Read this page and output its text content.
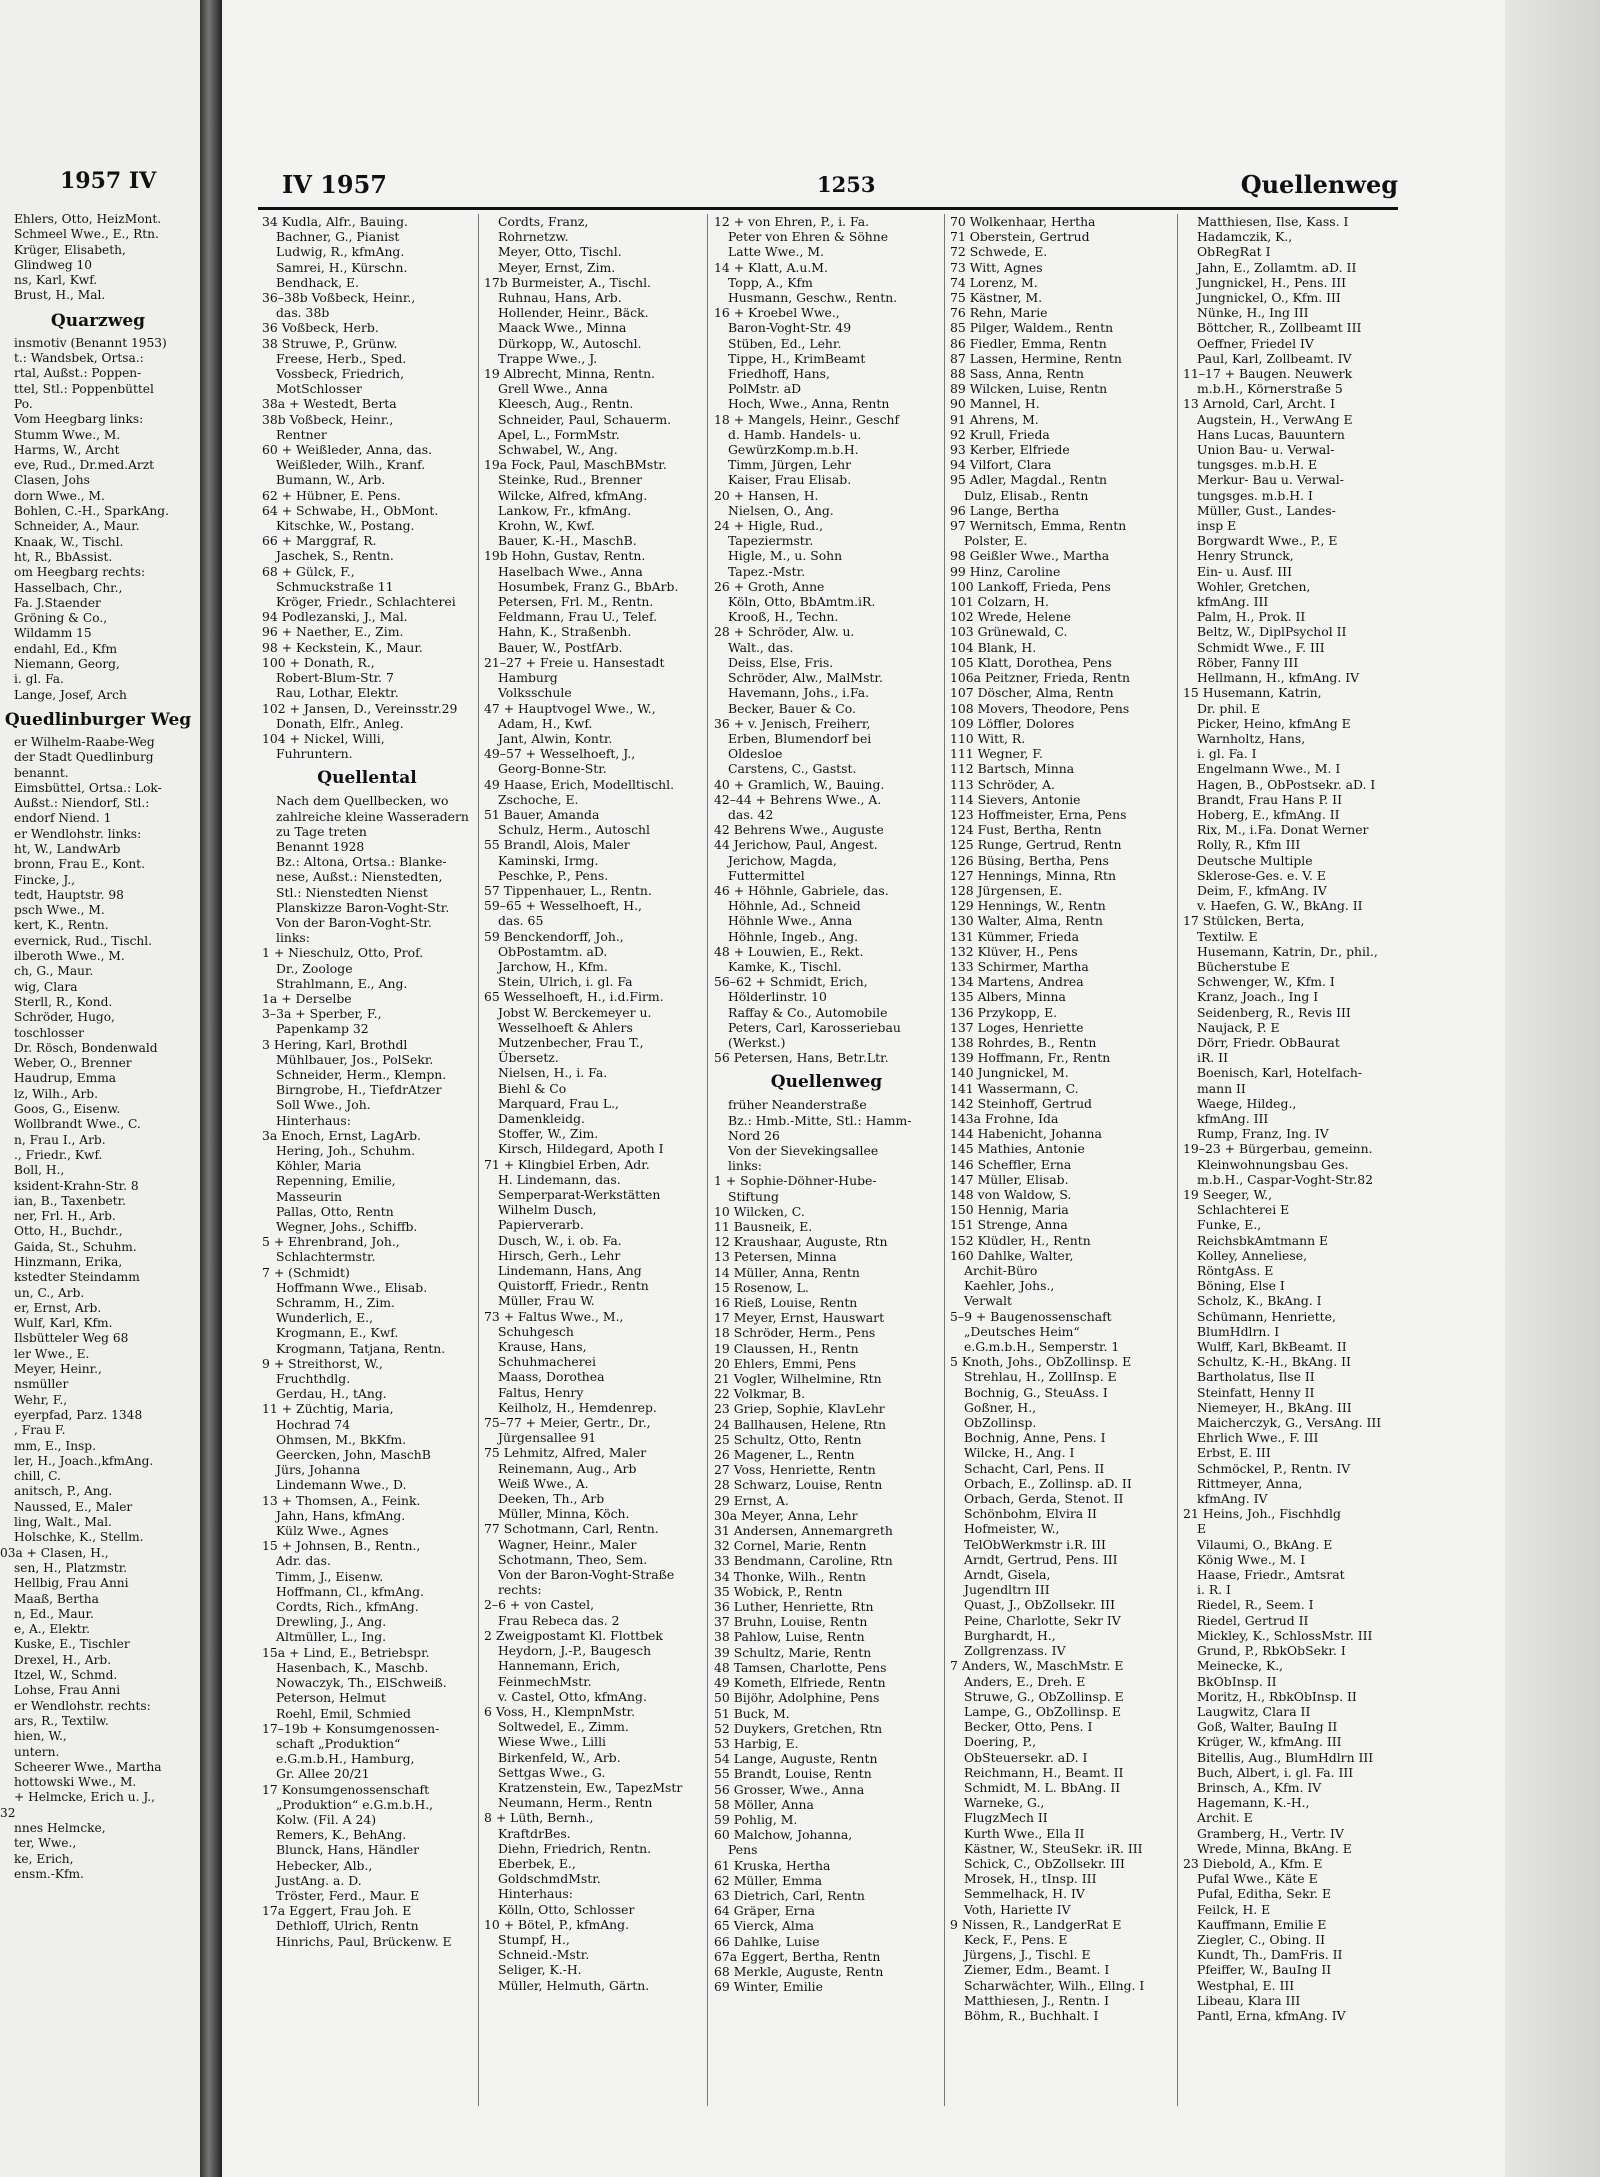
1957 IV
Ehlers, Otto, HeizMont.
Schmeel Wwe., E., Rtn.
Krüger, Elisabeth,
Glindweg 10
ns, Karl, Kwf.
Brust, H., Mal.
Quarzweg
insmotiv (Benannt 1953)
t.: Wandsbek, Ortsa.:
rtal, Außst.: Poppen-
ttel, Stl.: Poppenbüttel
Po.
Vom Heegbarg links:
Stumm Wwe., M.
Harms, W., Archt
eve, Rud., Dr.med.Arzt
Clasen, Johs
dorn Wwe., M.
Bohlen, C.-H., SparkAng.
Schneider, A., Maur.
Knaak, W., Tischl.
ht, R., BbAssist.
om Heegbarg rechts:
Hasselbach, Chr.,
Fa. J.Staender
Gröning & Co.,
Wildamm 15
endahl, Ed., Kfm
Niemann, Georg,
i. gl. Fa.
Lange, Josef, Arch
Quedlinburger Weg
er Wilhelm-Raabe-Weg
der Stadt Quedlinburg
benannt.
Eimsbüttel, Ortsa.: Lok-
Außst.: Niendorf, Stl.:
endorf Niend. 1
er Wendlohstr. links:
ht, W., LandwArb
bronn, Frau E., Kont.
Fincke, J.,
tedt, Hauptstr. 98
psch Wwe., M.
kert, K., Rentn.
evernick, Rud., Tischl.
ilberoth Wwe., M.
ch, G., Maur.
wig, Clara
Sterll, R., Kond.
Schröder, Hugo,
toschlosser
Dr. Rösch, Bondenwald
Weber, O., Brenner
Haudrup, Emma
lz, Wilh., Arb.
Goos, G., Eisenw.
Wollbrandt Wwe., C.
n, Frau I., Arb.
., Friedr., Kwf.
Boll, H.,
ksident-Krahn-Str. 8
ian, B., Taxenbetr.
ner, Frl. H., Arb.
Otto, H., Buchdr.,
Gaida, St., Schuhm.
Hinzmann, Erika,
kstedter Steindamm
un, C., Arb.
er, Ernst, Arb.
Wulf, Karl, Kfm.
Ilsbütteler Weg 68
ler Wwe., E.
Meyer, Heinr.,
nsmüller
Wehr, F.,
eyerpfad, Parz. 1348
, Frau F.
mm, E., Insp.
ler, H., Joach.,kfmAng.
chill, C.
anitsch, P., Ang.
Naussed, E., Maler
ling, Walt., Mal.
Holschke, K., Stellm.
03a + Clasen, H.,
sen, H., Platzmstr.
Hellbig, Frau Anni
Maaß, Bertha
n, Ed., Maur.
e, A., Elektr.
Kuske, E., Tischler
Drexel, H., Arb.
Itzel, W., Schmd.
Lohse, Frau Anni
er Wendlohstr. rechts:
ars, R., Textilw.
hien, W.,
untern.
Scheerer Wwe., Martha
hottowski Wwe., M.
+ Helmcke, Erich u. J.,
32
nnes Helmcke,
ter, Wwe.,
ke, Erich,
ensm.-Kfm.
IV 1957	1253	Quellenweg
34 Kudla, Alfr., Bauing.
Bachner, G., Pianist
Ludwig, R., kfmAng.
Samrei, H., Kürschn.
Bendhack, E.
36–38b Voßbeck, Heinr.,
das. 38b
36 Voßbeck, Herb.
38 Struwe, P., Grünw.
Freese, Herb., Sped.
Vossbeck, Friedrich,
MotSchlosser
38a + Westedt, Berta
38b Voßbeck, Heinr.,
Rentner
60 + Weißleder, Anna, das.
Weißleder, Wilh., Kranf.
Bumann, W., Arb.
62 + Hübner, E. Pens.
64 + Schwabe, H., ObMont.
Kitschke, W., Postang.
66 + Marggraf, R.
Jaschek, S., Rentn.
68 + Gülck, F.,
Schmuckstraße 11
Kröger, Friedr., Schlachterei
94 Podlezanski, J., Mal.
96 + Naether, E., Zim.
98 + Keckstein, K., Maur.
100 + Donath, R.,
Robert-Blum-Str. 7
Rau, Lothar, Elektr.
102 + Jansen, D., Vereinsstr.29
Donath, Elfr., Anleg.
104 + Nickel, Willi,
Fuhruntern.
Quellental
Nach dem Quellbecken, wo
zahlreiche kleine Wasseradern
zu Tage treten
Benannt 1928
Bz.: Altona, Ortsa.: Blanke-
nese, Außst.: Nienstedten,
Stl.: Nienstedten Nienst
Planskizze Baron-Voght-Str.
Von der Baron-Voght-Str.
links:
1 + Nieschulz, Otto, Prof.
Dr., Zoologe
Strahlmann, E., Ang.
1a + Derselbe
3–3a + Sperber, F.,
Papenkamp 32
3 Hering, Karl, Brothdl
Mühlbauer, Jos., PolSekr.
Schneider, Herm., Klempn.
Birngrobe, H., TiefdrAtzer
Soll Wwe., Joh.
Hinterhaus:
3a Enoch, Ernst, LagArb.
Hering, Joh., Schuhm.
Köhler, Maria
Repenning, Emilie,
Masseurin
Pallas, Otto, Rentn
Wegner, Johs., Schiffb.
5 + Ehrenbrand, Joh.,
Schlachtermstr.
7 + (Schmidt)
Hoffmann Wwe., Elisab.
Schramm, H., Zim.
Wunderlich, E.,
Krogmann, E., Kwf.
Krogmann, Tatjana, Rentn.
9 + Streithorst, W.,
Fruchthdlg.
Gerdau, H., tAng.
11 + Züchtig, Maria,
Hochrad 74
Ohmsen, M., BkKfm.
Geercken, John, MaschB
Jürs, Johanna
Lindemann Wwe., D.
13 + Thomsen, A., Feink.
Jahn, Hans, kfmAng.
Külz Wwe., Agnes
15 + Johnsen, B., Rentn.,
Adr. das.
Timm, J., Eisenw.
Hoffmann, Cl., kfmAng.
Cordts, Rich., kfmAng.
Drewling, J., Ang.
Altmüller, L., Ing.
15a + Lind, E., Betriebspr.
Hasenbach, K., Maschb.
Nowaczyk, Th., ElSchweiß.
Peterson, Helmut
Roehl, Emil, Schmied
17–19b + Konsumgenossen-
schaft „Produktion“
e.G.m.b.H., Hamburg,
Gr. Allee 20/21
17 Konsumgenossenschaft
„Produktion“ e.G.m.b.H.,
Kolw. (Fil. A 24)
Remers, K., BehAng.
Blunck, Hans, Händler
Hebecker, Alb.,
JustAng. a. D.
Tröster, Ferd., Maur. E
17a Eggert, Frau Joh. E
Dethloff, Ulrich, Rentn
Hinrichs, Paul, Brückenw. E
Cordts, Franz,
Rohrnetzw.
Meyer, Otto, Tischl.
Meyer, Ernst, Zim.
17b Burmeister, A., Tischl.
Ruhnau, Hans, Arb.
Hollender, Heinr., Bäck.
Maack Wwe., Minna
Dürkopp, W., Autoschl.
Trappe Wwe., J.
19 Albrecht, Minna, Rentn.
Grell Wwe., Anna
Kleesch, Aug., Rentn.
Schneider, Paul, Schauerm.
Apel, L., FormMstr.
Schwabel, W., Ang.
19a Fock, Paul, MaschBMstr.
Steinke, Rud., Brenner
Wilcke, Alfred, kfmAng.
Lankow, Fr., kfmAng.
Krohn, W., Kwf.
Bauer, K.-H., MaschB.
19b Hohn, Gustav, Rentn.
Haselbach Wwe., Anna
Hosumbek, Franz G., BbArb.
Petersen, Frl. M., Rentn.
Feldmann, Frau U., Telef.
Hahn, K., Straßenbh.
Bauer, W., PostfArb.
21–27 + Freie u. Hansestadt
Hamburg
Volksschule
47 + Hauptvogel Wwe., W.,
Adam, H., Kwf.
Jant, Alwin, Kontr.
49–57 + Wesselhoeft, J.,
Georg-Bonne-Str.
49 Haase, Erich, Modelltischl.
Zschoche, E.
51 Bauer, Amanda
Schulz, Herm., Autoschl
55 Brandl, Alois, Maler
Kaminski, Irmg.
Peschke, P., Pens.
57 Tippenhauer, L., Rentn.
59–65 + Wesselhoeft, H.,
das. 65
59 Benckendorff, Joh.,
ObPostamtm. aD.
Jarchow, H., Kfm.
Stein, Ulrich, i. gl. Fa
65 Wesselhoeft, H., i.d.Firm.
Jobst W. Berckemeyer u.
Wesselhoeft & Ahlers
Mutzenbecher, Frau T.,
Übersetz.
Nielsen, H., i. Fa.
Biehl & Co
Marquard, Frau L.,
Damenkleidg.
Stoffer, W., Zim.
Kirsch, Hildegard, Apoth I
71 + Klingbiel Erben, Adr.
H. Lindemann, das.
Semperparat-Werkstätten
Wilhelm Dusch,
Papierverarb.
Dusch, W., i. ob. Fa.
Hirsch, Gerh., Lehr
Lindemann, Hans, Ang
Quistorff, Friedr., Rentn
Müller, Frau W.
73 + Faltus Wwe., M.,
Schuhgesch
Krause, Hans,
Schuhmacherei
Maass, Dorothea
Faltus, Henry
Keilholz, H., Hemdenrep.
75–77 + Meier, Gertr., Dr.,
Jürgensallee 91
75 Lehmitz, Alfred, Maler
Reinemann, Aug., Arb
Weiß Wwe., A.
Deeken, Th., Arb
Müller, Minna, Köch.
77 Schotmann, Carl, Rentn.
Wagner, Heinr., Maler
Schotmann, Theo, Sem.
Von der Baron-Voght-Straße
rechts:
2–6 + von Castel,
Frau Rebeca das. 2
2 Zweigpostamt Kl. Flottbek
Heydorn, J.-P., Baugesch
Hannemann, Erich,
FeinmechMstr.
v. Castel, Otto, kfmAng.
6 Voss, H., KlempnMstr.
Soltwedel, E., Zimm.
Wiese Wwe., Lilli
Birkenfeld, W., Arb.
Settgas Wwe., G.
Kratzenstein, Ew., TapezMstr
Neumann, Herm., Rentn
8 + Lüth, Bernh.,
KraftdrBes.
Diehn, Friedrich, Rentn.
Eberbek, E.,
GoldschmdMstr.
Hinterhaus:
Kölln, Otto, Schlosser
10 + Bötel, P., kfmAng.
Stumpf, H.,
Schneid.-Mstr.
Seliger, K.-H.
Müller, Helmuth, Gärtn.
12 + von Ehren, P., i. Fa.
Peter von Ehren & Söhne
Latte Wwe., M.
14 + Klatt, A.u.M.
Topp, A., Kfm
Husmann, Geschw., Rentn.
16 + Kroebel Wwe.,
Baron-Voght-Str. 49
Stüben, Ed., Lehr.
Tippe, H., KrimBeamt
Friedhoff, Hans,
PolMstr. aD
Hoch, Wwe., Anna, Rentn
18 + Mangels, Heinr., Geschf
d. Hamb. Handels- u.
GewürzKomp.m.b.H.
Timm, Jürgen, Lehr
Kaiser, Frau Elisab.
20 + Hansen, H.
Nielsen, O., Ang.
24 + Higle, Rud.,
Tapeziermstr.
Higle, M., u. Sohn
Tapez.-Mstr.
26 + Groth, Anne
Köln, Otto, BbAmtm.iR.
Krooß, H., Techn.
28 + Schröder, Alw. u.
Walt., das.
Deiss, Else, Fris.
Schröder, Alw., MalMstr.
Havemann, Johs., i.Fa.
Becker, Bauer & Co.
36 + v. Jenisch, Freiherr,
Erben, Blumendorf bei
Oldesloe
Carstens, C., Gastst.
40 + Gramlich, W., Bauing.
42–44 + Behrens Wwe., A.
das. 42
42 Behrens Wwe., Auguste
44 Jerichow, Paul, Angest.
Jerichow, Magda,
Futtermittel
46 + Höhnle, Gabriele, das.
Höhnle, Ad., Schneid
Höhnle Wwe., Anna
Höhnle, Ingeb., Ang.
48 + Louwien, E., Rekt.
Kamke, K., Tischl.
56–62 + Schmidt, Erich,
Hölderlinstr. 10
Raffay & Co., Automobile
Peters, Carl, Karosseriebau
(Werkst.)
56 Petersen, Hans, Betr.Ltr.
Quellenweg
früher Neanderstraße
Bz.: Hmb.-Mitte, Stl.: Hamm-
Nord 26
Von der Sievekingsallee
links:
1 + Sophie-Döhner-Hube-
Stiftung
10 Wilcken, C.
11 Bausneik, E.
12 Kraushaar, Auguste, Rtn
13 Petersen, Minna
14 Müller, Anna, Rentn
15 Rosenow, L.
16 Rieß, Louise, Rentn
17 Meyer, Ernst, Hauswart
18 Schröder, Herm., Pens
19 Claussen, H., Rentn
20 Ehlers, Emmi, Pens
21 Vogler, Wilhelmine, Rtn
22 Volkmar, B.
23 Griep, Sophie, KlavLehr
24 Ballhausen, Helene, Rtn
25 Schultz, Otto, Rentn
26 Magener, L., Rentn
27 Voss, Henriette, Rentn
28 Schwarz, Louise, Rentn
29 Ernst, A.
30a Meyer, Anna, Lehr
31 Andersen, Annemargreth
32 Cornel, Marie, Rentn
33 Bendmann, Caroline, Rtn
34 Thonke, Wilh., Rentn
35 Wobick, P., Rentn
36 Luther, Henriette, Rtn
37 Bruhn, Louise, Rentn
38 Pahlow, Luise, Rentn
39 Schultz, Marie, Rentn
48 Tamsen, Charlotte, Pens
49 Kometh, Elfriede, Rentn
50 Bijöhr, Adolphine, Pens
51 Buck, M.
52 Duykers, Gretchen, Rtn
53 Harbig, E.
54 Lange, Auguste, Rentn
55 Brandt, Louise, Rentn
56 Grosser, Wwe., Anna
58 Möller, Anna
59 Pohlig, M.
60 Malchow, Johanna,
Pens
61 Kruska, Hertha
62 Müller, Emma
63 Dietrich, Carl, Rentn
64 Gräper, Erna
65 Vierck, Alma
66 Dahlke, Luise
67a Eggert, Bertha, Rentn
68 Merkle, Auguste, Rentn
69 Winter, Emilie
70 Wolkenhaar, Hertha
71 Oberstein, Gertrud
72 Schwede, E.
73 Witt, Agnes
74 Lorenz, M.
75 Kästner, M.
76 Rehn, Marie
85 Pilger, Waldem., Rentn
86 Fiedler, Emma, Rentn
87 Lassen, Hermine, Rentn
88 Sass, Anna, Rentn
89 Wilcken, Luise, Rentn
90 Mannel, H.
91 Ahrens, M.
92 Krull, Frieda
93 Kerber, Elfriede
94 Vilfort, Clara
95 Adler, Magdal., Rentn
Dulz, Elisab., Rentn
96 Lange, Bertha
97 Wernitsch, Emma, Rentn
Polster, E.
98 Geißler Wwe., Martha
99 Hinz, Caroline
100 Lankoff, Frieda, Pens
101 Colzarn, H.
102 Wrede, Helene
103 Grünewald, C.
104 Blank, H.
105 Klatt, Dorothea, Pens
106a Peitzner, Frieda, Rentn
107 Döscher, Alma, Rentn
108 Movers, Theodore, Pens
109 Löffler, Dolores
110 Witt, R.
111 Wegner, F.
112 Bartsch, Minna
113 Schröder, A.
114 Sievers, Antonie
123 Hoffmeister, Erna, Pens
124 Fust, Bertha, Rentn
125 Runge, Gertrud, Rentn
126 Büsing, Bertha, Pens
127 Hennings, Minna, Rtn
128 Jürgensen, E.
129 Hennings, W., Rentn
130 Walter, Alma, Rentn
131 Kümmer, Frieda
132 Klüver, H., Pens
133 Schirmer, Martha
134 Martens, Andrea
135 Albers, Minna
136 Przykopp, E.
137 Loges, Henriette
138 Rohrdes, B., Rentn
139 Hoffmann, Fr., Rentn
140 Jungnickel, M.
141 Wassermann, C.
142 Steinhoff, Gertrud
143a Frohne, Ida
144 Habenicht, Johanna
145 Mathies, Antonie
146 Scheffler, Erna
147 Müller, Elisab.
148 von Waldow, S.
150 Hennig, Maria
151 Strenge, Anna
152 Klüdler, H., Rentn
160 Dahlke, Walter,
Archit-Büro
Kaehler, Johs.,
Verwalt
5–9 + Baugenossenschaft
„Deutsches Heim“
e.G.m.b.H., Semperstr. 1
5 Knoth, Johs., ObZollinsp. E
Strehlau, H., ZollInsp. E
Bochnig, G., SteuAss. I
Goßner, H.,
ObZollinsp.
Bochnig, Anne, Pens. I
Wilcke, H., Ang. I
Schacht, Carl, Pens. II
Orbach, E., Zollinsp. aD. II
Orbach, Gerda, Stenot. II
Schönbohm, Elvira II
Hofmeister, W.,
TelObWerkmstr i.R. III
Arndt, Gertrud, Pens. III
Arndt, Gisela,
Jugendltrn III
Quast, J., ObZollsekr. III
Peine, Charlotte, Sekr IV
Burghardt, H.,
Zollgrenzass. IV
7 Anders, W., MaschMstr. E
Anders, E., Dreh. E
Struwe, G., ObZollinsp. E
Lampe, G., ObZollinsp. E
Becker, Otto, Pens. I
Doering, P.,
ObSteuersekr. aD. I
Reichmann, H., Beamt. II
Schmidt, M. L. BbAng. II
Warneke, G.,
FlugzMech II
Kurth Wwe., Ella II
Kästner, W., SteuSekr. iR. III
Schick, C., ObZollsekr. III
Mrosek, H., tInsp. III
Semmelhack, H. IV
Voth, Hariette IV
9 Nissen, R., LandgerRat E
Keck, F., Pens. E
Jürgens, J., Tischl. E
Ziemer, Edm., Beamt. I
Scharwächter, Wilh., Ellng. I
Matthiesen, J., Rentn. I
Böhm, R., Buchhalt. I
Matthiesen, Ilse, Kass. I
Hadamczik, K.,
ObRegRat I
Jahn, E., Zollamtm. aD. II
Jungnickel, H., Pens. III
Jungnickel, O., Kfm. III
Nünke, H., Ing III
Böttcher, R., Zollbeamt III
Oeffner, Friedel IV
Paul, Karl, Zollbeamt. IV
11–17 + Baugen. Neuwerk
m.b.H., Körnerstraße 5
13 Arnold, Carl, Archt. I
Augstein, H., VerwAng E
Hans Lucas, Bauuntern
Union Bau- u. Verwal-
tungsges. m.b.H. E
Merkur- Bau u. Verwal-
tungsges. m.b.H. I
Müller, Gust., Landes-
insp E
Borgwardt Wwe., P., E
Henry Strunck,
Ein- u. Ausf. III
Wohler, Gretchen,
kfmAng. III
Palm, H., Prok. II
Beltz, W., DiplPsychol II
Schmidt Wwe., F. III
Röber, Fanny III
Hellmann, H., kfmAng. IV
15 Husemann, Katrin,
Dr. phil. E
Picker, Heino, kfmAng E
Warnholtz, Hans,
i. gl. Fa. I
Engelmann Wwe., M. I
Hagen, B., ObPostsekr. aD. I
Brandt, Frau Hans P. II
Hoberg, E., kfmAng. II
Rix, M., i.Fa. Donat Werner
Rolly, R., Kfm III
Deutsche Multiple
Sklerose-Ges. e. V. E
Deim, F., kfmAng. IV
v. Haefen, G. W., BkAng. II
17 Stülcken, Berta,
Textilw. E
Husemann, Katrin, Dr., phil.,
Bücherstube E
Schwenger, W., Kfm. I
Kranz, Joach., Ing I
Seidenberg, R., Revis III
Naujack, P. E
Dörr, Friedr. ObBaurat
iR. II
Boenisch, Karl, Hotelfach-
mann II
Waege, Hildeg.,
kfmAng. III
Rump, Franz, Ing. IV
19–23 + Bürgerbau, gemeinn.
Kleinwohnungsbau Ges.
m.b.H., Caspar-Voght-Str.82
19 Seeger, W.,
Schlachterei E
Funke, E.,
ReichsbkAmtmann E
Kolley, Anneliese,
RöntgAss. E
Böning, Else I
Scholz, K., BkAng. I
Schümann, Henriette,
BlumHdlrn. I
Wulff, Karl, BkBeamt. II
Schultz, K.-H., BkAng. II
Bartholatus, Ilse II
Steinfatt, Henny II
Niemeyer, H., BkAng. III
Maicherczyk, G., VersAng. III
Ehrlich Wwe., F. III
Erbst, E. III
Schmöckel, P., Rentn. IV
Rittmeyer, Anna,
kfmAng. IV
21 Heins, Joh., Fischhdlg
E
Vilaumi, O., BkAng. E
König Wwe., M. I
Haase, Friedr., Amtsrat
i. R. I
Riedel, R., Seem. I
Riedel, Gertrud II
Mickley, K., SchlossMstr. III
Grund, P., RbkObSekr. I
Meinecke, K.,
BkObInsp. II
Moritz, H., RbkObInsp. II
Laugwitz, Clara II
Goß, Walter, BauIng II
Krüger, W., kfmAng. III
Bitellis, Aug., BlumHdlrn III
Buch, Albert, i. gl. Fa. III
Brinsch, A., Kfm. IV
Hagemann, K.-H.,
Archit. E
Gramberg, H., Vertr. IV
Wrede, Minna, BkAng. E
23 Diebold, A., Kfm. E
Pufal Wwe., Käte E
Pufal, Editha, Sekr. E
Feilck, H. E
Kauffmann, Emilie E
Ziegler, C., Obing. II
Kundt, Th., DamFris. II
Pfeiffer, W., BauIng II
Westphal, E. III
Libeau, Klara III
Pantl, Erna, kfmAng. IV
